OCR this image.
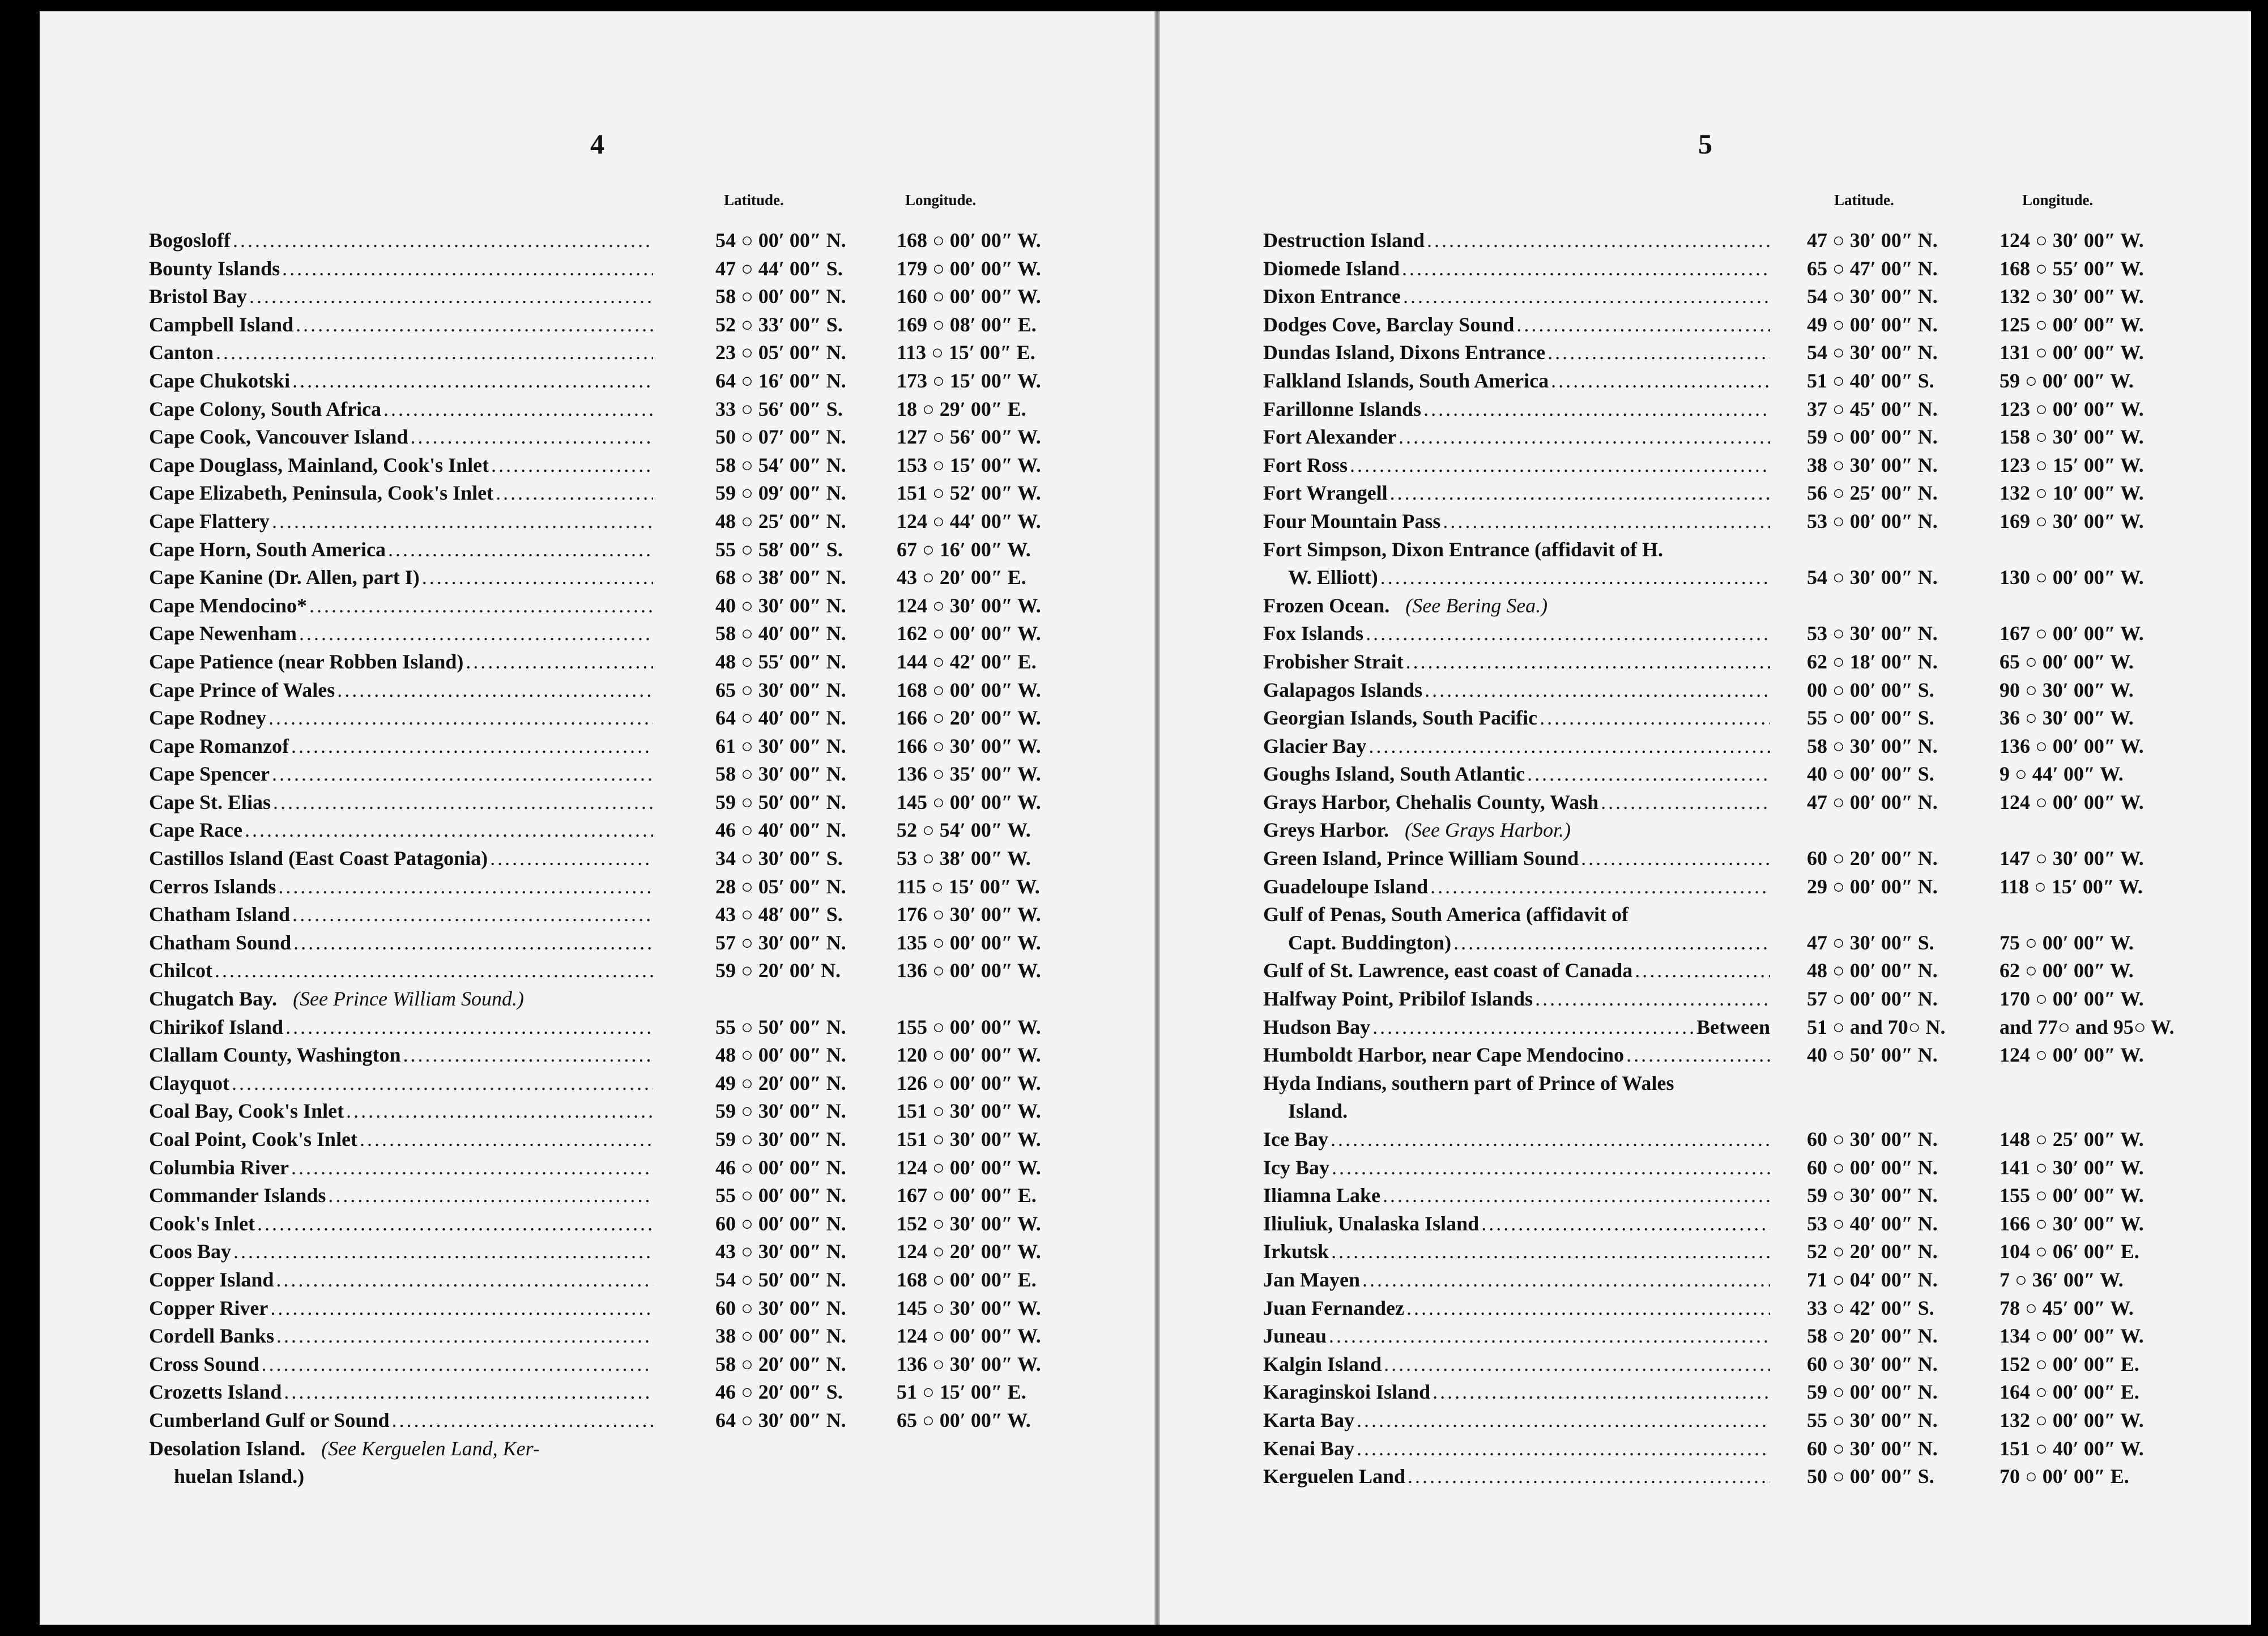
4
Latitude.	Longitude.
Bogosloff .....	54 ○ 00′ 00″ N. 168 ○ 00′ 00″ W.
Bounty Islands .....	47 ○ 44′ 00″ S.	179 ○ 00′ 00″ W.
Bristol Bay .....	58 ○ 00′ 00″ N. 160 ○ 00′ 00″ W.
Campbell Island .....	52 ○ 33′ 00″ S.	169 ○ 08′ 00″ E.
Canton .....	23 ○ 05′ 00″ N. 113 ○ 15′ 00″ E.
Cape Chukotski .....	64 ○ 16′ 00″ N. 173 ○ 15′ 00″ W.
Cape Colony, South Africa .....	33 ○ 56′ 00″ S.	18 ○ 29′ 00″ E.
Cape Cook, Vancouver Island .....	50 ○ 07′ 00″ N. 127 ○ 56′ 00″ W.
Cape Douglass, Mainland, Cook's Inlet .....	58 ○ 54′ 00″ N. 153 ○ 15′ 00″ W.
Cape Elizabeth, Peninsula, Cook's Inlet .....	59 ○ 09′ 00″ N. 151 ○ 52′ 00″ W.
Cape Flattery .....	48 ○ 25′ 00″ N. 124 ○ 44′ 00″ W.
Cape Horn, South America .....	55 ○ 58′ 00″ S.	67 ○ 16′ 00″ W.
Cape Kanine (Dr. Allen, part I) .....	68 ○ 38′ 00″ N. 43 ○ 20′ 00″ E.
Cape Mendocino* .....	40 ○ 30′ 00″ N. 124 ○ 30′ 00″ W.
Cape Newenham .....	58 ○ 40′ 00″ N. 162 ○ 00′ 00″ W.
Cape Patience (near Robben Island) .....	48 ○ 55′ 00″ N. 144 ○ 42′ 00″ E.
Cape Prince of Wales .....	65 ○ 30′ 00″ N. 168 ○ 00′ 00″ W.
Cape Rodney .....	64 ○ 40′ 00″ N. 166 ○ 20′ 00″ W.
Cape Romanzof .....	61 ○ 30′ 00″ N. 166 ○ 30′ 00″ W.
Cape Spencer .....	58 ○ 30′ 00″ N. 136 ○ 35′ 00″ W.
Cape St. Elias .....	59 ○ 50′ 00″ N. 145 ○ 00′ 00″ W.
Cape Race .....	46 ○ 40′ 00″ N. 52 ○ 54′ 00″ W.
Castillos Island (East Coast Patagonia) .....	34 ○ 30′ 00″ S.	53 ○ 38′ 00″ W.
Cerros Islands .....	28 ○ 05′ 00″ N. 115 ○ 15′ 00″ W.
Chatham Island .....	43 ○ 48′ 00″ S.	176 ○ 30′ 00″ W.
Chatham Sound .....	57 ○ 30′ 00″ N. 135 ○ 00′ 00″ W.
Chilcot .....	59 ○ 20′ 00′ N.	136 ○ 00′ 00″ W.
Chugatch Bay. (See Prince William Sound.)
Chirikof Island .....	55 ○ 50′ 00″ N. 155 ○ 00′ 00″ W.
Clallam County, Washington .....	48 ○ 00′ 00″ N. 120 ○ 00′ 00″ W.
Clayquot .....	49 ○ 20′ 00″ N. 126 ○ 00′ 00″ W.
Coal Bay, Cook's Inlet .....	59 ○ 30′ 00″ N. 151 ○ 30′ 00″ W.
Coal Point, Cook's Inlet .....	59 ○ 30′ 00″ N. 151 ○ 30′ 00″ W.
Columbia River .....	46 ○ 00′ 00″ N. 124 ○ 00′ 00″ W.
Commander Islands .....	55 ○ 00′ 00″ N. 167 ○ 00′ 00″ E.
Cook's Inlet .....	60 ○ 00′ 00″ N. 152 ○ 30′ 00″ W.
Coos Bay .....	43 ○ 30′ 00″ N. 124 ○ 20′ 00″ W.
Copper Island .....	54 ○ 50′ 00″ N. 168 ○ 00′ 00″ E.
Copper River .....	60 ○ 30′ 00″ N. 145 ○ 30′ 00″ W.
Cordell Banks .....	38 ○ 00′ 00″ N. 124 ○ 00′ 00″ W.
Cross Sound .....	58 ○ 20′ 00″ N. 136 ○ 30′ 00″ W.
Crozetts Island .....	46 ○ 20′ 00″ S.	51 ○ 15′ 00″ E.
Cumberland Gulf or Sound .....	64 ○ 30′ 00″ N. 65 ○ 00′ 00″ W.
Desolation Island. (See Kerguelen Land, Ker-
huelan Island.)
5
Latitude.	Longitude.
Destruction Island .....	47 ○ 30′ 00″ N.	124 ○ 30′ 00″ W.
Diomede Island .....	65 ○ 47′ 00″ N.	168 ○ 55′ 00″ W.
Dixon Entrance .....	54 ○ 30′ 00″ N.	132 ○ 30′ 00″ W.
Dodges Cove, Barclay Sound .....	49 ○ 00′ 00″ N.	125 ○ 00′ 00″ W.
Dundas Island, Dixons Entrance .....	54 ○ 30′ 00″ N.	131 ○ 00′ 00″ W.
Falkland Islands, South America .....	51 ○ 40′ 00″ S.	59 ○ 00′ 00″ W.
Farillonne Islands .....	37 ○ 45′ 00″ N.	123 ○ 00′ 00″ W.
Fort Alexander .....	59 ○ 00′ 00″ N.	158 ○ 30′ 00″ W.
Fort Ross .....	38 ○ 30′ 00″ N.	123 ○ 15′ 00″ W.
Fort Wrangell .....	56 ○ 25′ 00″ N.	132 ○ 10′ 00″ W.
Four Mountain Pass .....	53 ○ 00′ 00″ N.	169 ○ 30′ 00″ W.
Fort Simpson, Dixon Entrance (affidavit of H.
W. Elliott) .....	54 ○ 30′ 00″ N.	130 ○ 00′ 00″ W.
Frozen Ocean. (See Bering Sea.)
Fox Islands .....	53 ○ 30′ 00″ N.	167 ○ 00′ 00″ W.
Frobisher Strait .....	62 ○ 18′ 00″ N.	65 ○ 00′ 00″ W.
Galapagos Islands .....	00 ○ 00′ 00″ S.	90 ○ 30′ 00″ W.
Georgian Islands, South Pacific .....	55 ○ 00′ 00″ S.	36 ○ 30′ 00″ W.
Glacier Bay .....	58 ○ 30′ 00″ N.	136 ○ 00′ 00″ W.
Goughs Island, South Atlantic .....	40 ○ 00′ 00″ S.	9 ○ 44′ 00″ W.
Grays Harbor, Chehalis County, Wash .....	47 ○ 00′ 00″ N.	124 ○ 00′ 00″ W.
Greys Harbor. (See Grays Harbor.)
Green Island, Prince William Sound .....	60 ○ 20′ 00″ N.	147 ○ 30′ 00″ W.
Guadeloupe Island .....	29 ○ 00′ 00″ N.	118 ○ 15′ 00″ W.
Gulf of Penas, South America (affidavit of
Capt. Buddington) .....	47 ○ 30′ 00″ S.	75 ○ 00′ 00″ W.
Gulf of St. Lawrence, east coast of Canada .....	48 ○ 00′ 00″ N.	62 ○ 00′ 00″ W.
Halfway Point, Pribilof Islands .....	57 ○ 00′ 00″ N.	170 ○ 00′ 00″ W.
Hudson Bay .....	Between 51 ○ and 70○ N.	and 77○ and 95○ W.
Humboldt Harbor, near Cape Mendocino .....	40 ○ 50′ 00″ N.	124 ○ 00′ 00″ W.
Hyda Indians, southern part of Prince of Wales
Island.
Ice Bay .....	60 ○ 30′ 00″ N.	148 ○ 25′ 00″ W.
Icy Bay .....	60 ○ 00′ 00″ N.	141 ○ 30′ 00″ W.
Iliamna Lake .....	59 ○ 30′ 00″ N.	155 ○ 00′ 00″ W.
Iliuliuk, Unalaska Island .....	53 ○ 40′ 00″ N.	166 ○ 30′ 00″ W.
Irkutsk .....	52 ○ 20′ 00″ N.	104 ○ 06′ 00″ E.
Jan Mayen .....	71 ○ 04′ 00″ N.	7 ○ 36′ 00″ W.
Juan Fernandez .....	33 ○ 42′ 00″ S.	78 ○ 45′ 00″ W.
Juneau .....	58 ○ 20′ 00″ N.	134 ○ 00′ 00″ W.
Kalgin Island .....	60 ○ 30′ 00″ N.	152 ○ 00′ 00″ E.
Karaginskoi Island .....	59 ○ 00′ 00″ N.	164 ○ 00′ 00″ E.
Karta Bay .....	55 ○ 30′ 00″ N.	132 ○ 00′ 00″ W.
Kenai Bay .....	60 ○ 30′ 00″ N.	151 ○ 40′ 00″ W.
Kerguelen Land .....	50 ○ 00′ 00″ S.	70 ○ 00′ 00″ E.
